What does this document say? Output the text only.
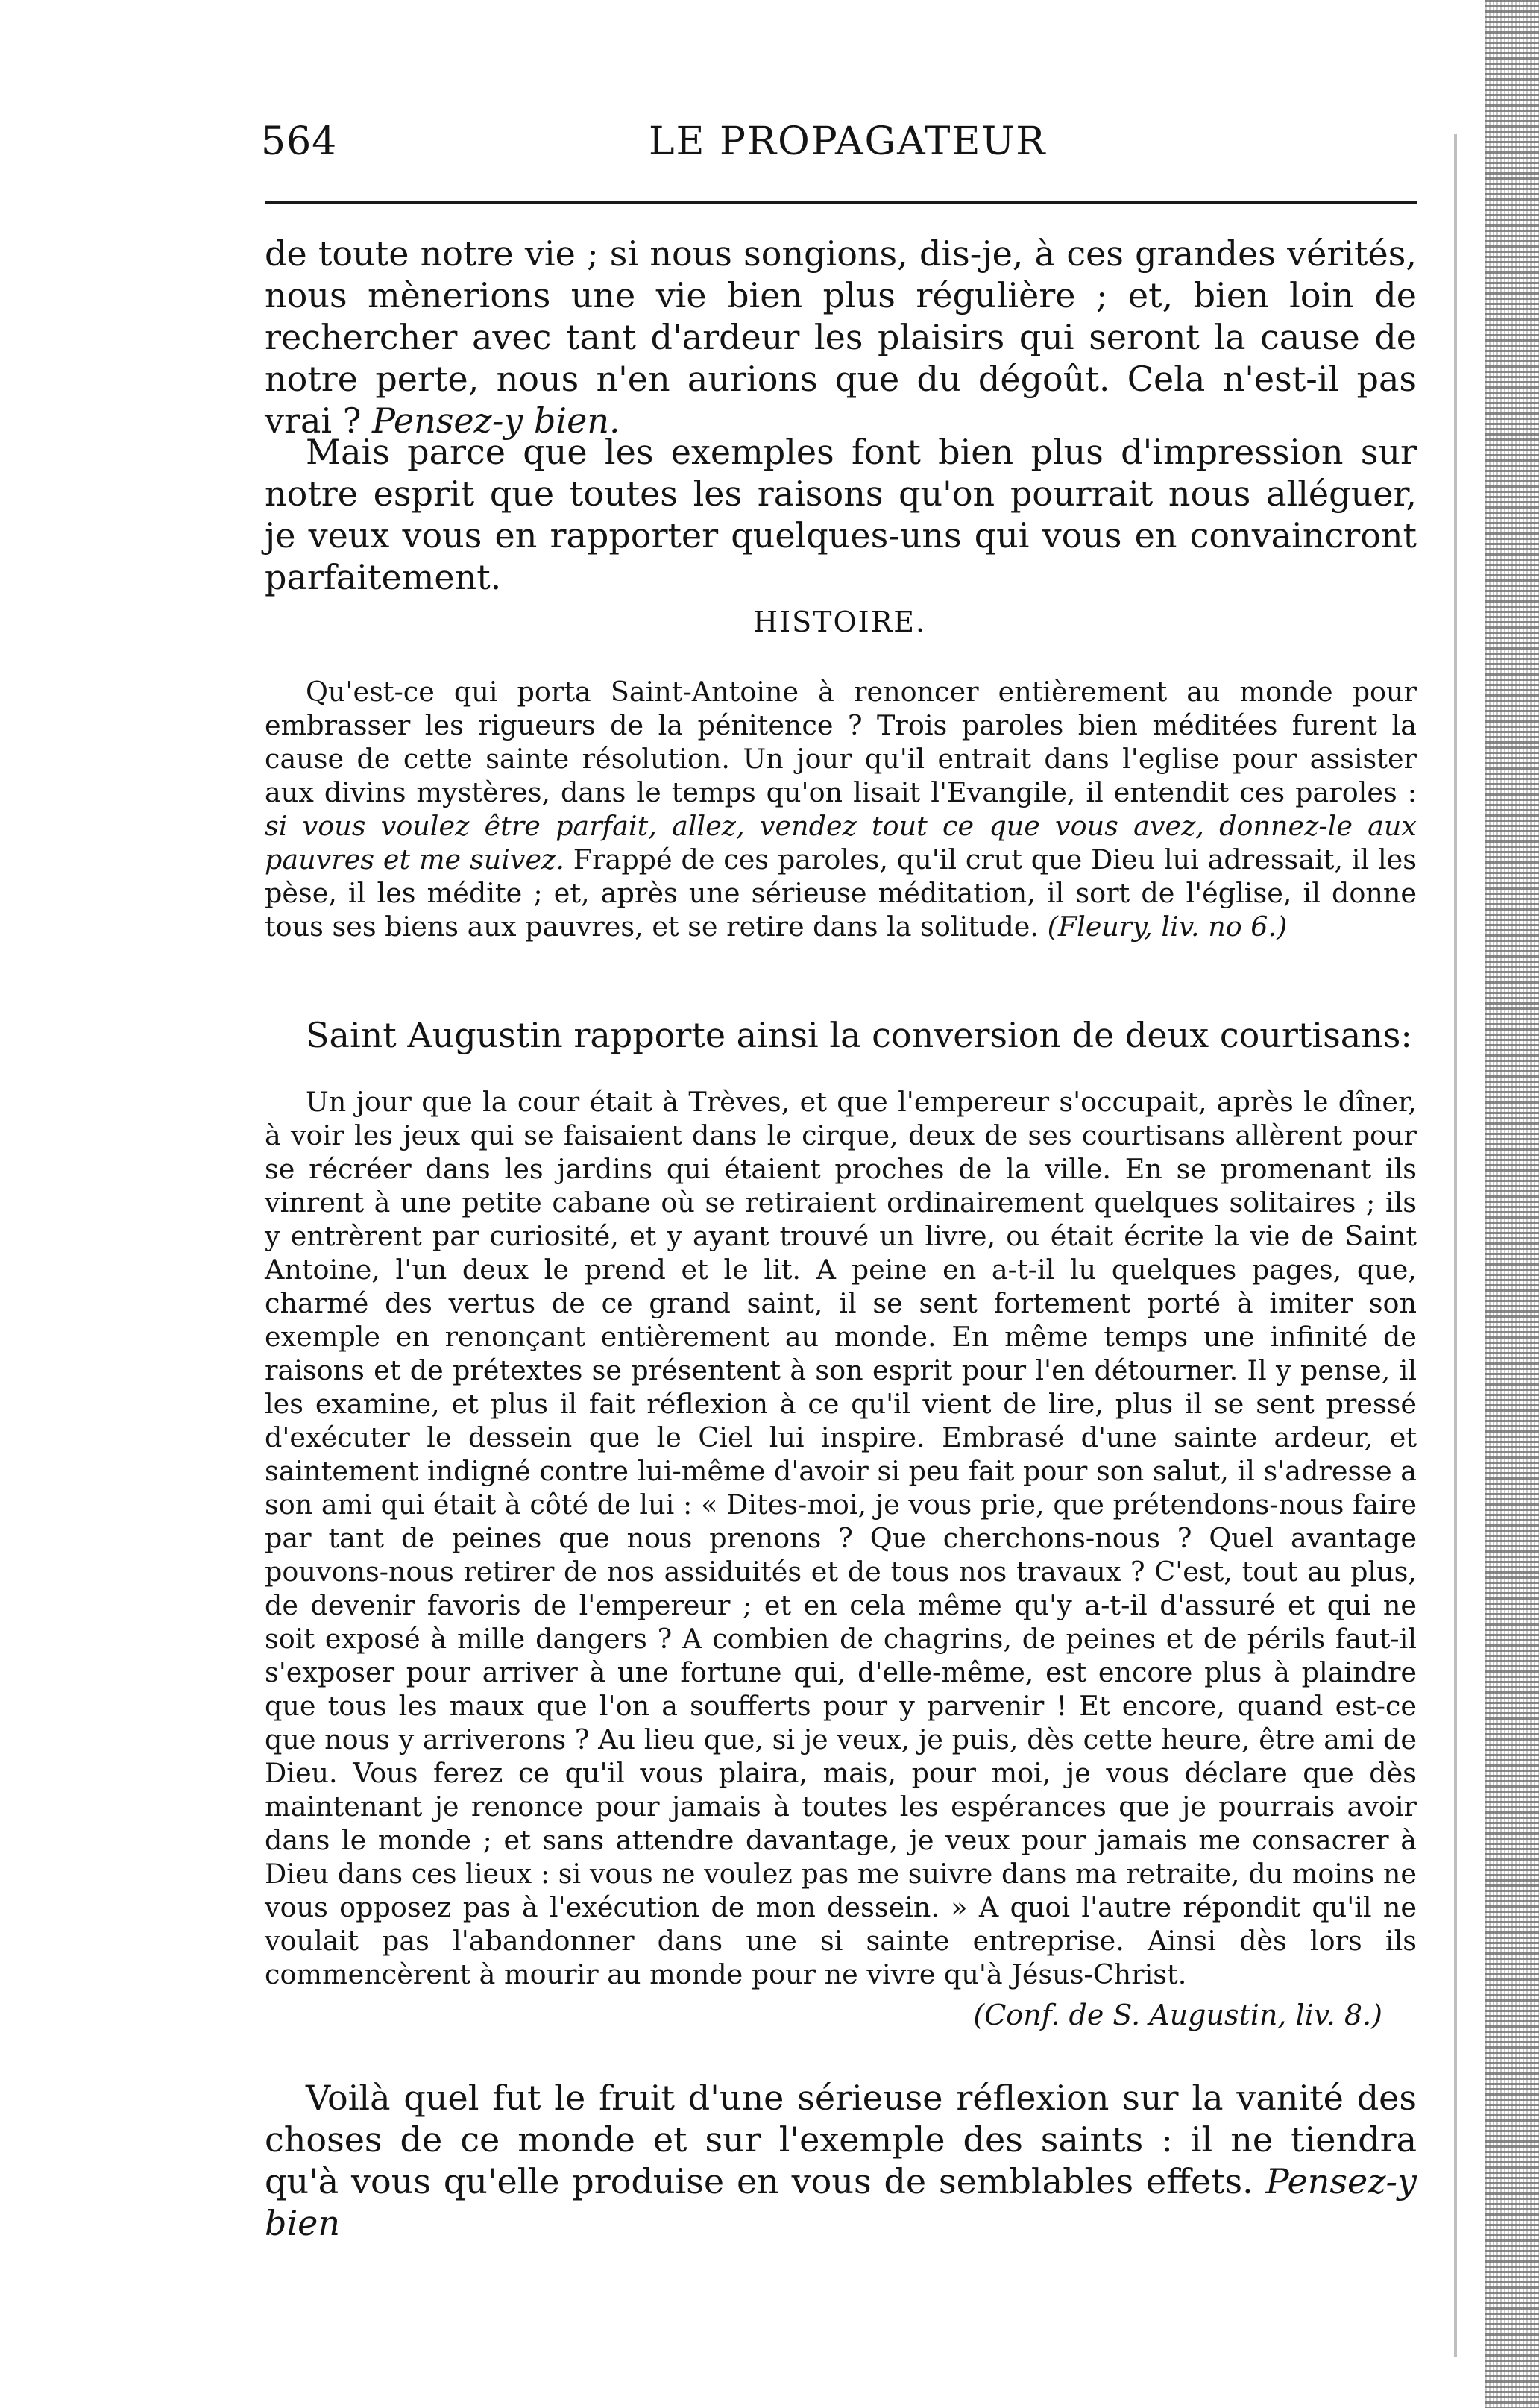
564	LE PROPAGATEUR

de toute notre vie ; si nous songions, dis-je, à ces grandes vérités, nous mènerions une vie bien plus régulière ; et, bien loin de rechercher avec tant d'ardeur les plaisirs qui seront la cause de notre perte, nous n'en aurions que du dégoût. Cela n'est-il pas vrai ? Pensez-y bien.

Mais parce que les exemples font bien plus d'impression sur notre esprit que toutes les raisons qu'on pourrait nous alléguer, je veux vous en rapporter quelques-uns qui vous en convaincront parfaitement.

HISTOIRE.

Qu'est-ce qui porta Saint-Antoine à renoncer entièrement au monde pour embrasser les rigueurs de la pénitence ? Trois paroles bien méditées furent la cause de cette sainte résolution. Un jour qu'il entrait dans l'eglise pour assister aux divins mystères, dans le temps qu'on lisait l'Evangile, il entendit ces paroles : si vous voulez être parfait, allez, vendez tout ce que vous avez, donnez-le aux pauvres et me suivez. Frappé de ces paroles, qu'il crut que Dieu lui adressait, il les pèse, il les médite ; et, après une sérieuse méditation, il sort de l'église, il donne tous ses biens aux pauvres, et se retire dans la solitude. (Fleury, liv. no 6.)

Saint Augustin rapporte ainsi la conversion de deux courtisans:

Un jour que la cour était à Trèves, et que l'empereur s'occupait, après le dîner, à voir les jeux qui se faisaient dans le cirque, deux de ses courtisans allèrent pour se récréer dans les jardins qui étaient proches de la ville. En se promenant ils vinrent à une petite cabane où se retiraient ordinairement quelques solitaires ; ils y entrèrent par curiosité, et y ayant trouvé un livre, ou était écrite la vie de Saint Antoine, l'un deux le prend et le lit. A peine en a-t-il lu quelques pages, que, charmé des vertus de ce grand saint, il se sent fortement porté à imiter son exemple en renonçant entièrement au monde. En même temps une infinité de raisons et de prétextes se présentent à son esprit pour l'en détourner. Il y pense, il les examine, et plus il fait réflexion à ce qu'il vient de lire, plus il se sent pressé d'exécuter le dessein que le Ciel lui inspire. Embrasé d'une sainte ardeur, et saintement indigné contre lui-même d'avoir si peu fait pour son salut, il s'adresse a son ami qui était à côté de lui : « Dites-moi, je vous prie, que prétendons-nous faire par tant de peines que nous prenons ? Que cherchons-nous ? Quel avantage pouvons-nous retirer de nos assiduités et de tous nos travaux ? C'est, tout au plus, de devenir favoris de l'empereur ; et en cela même qu'y a-t-il d'assuré et qui ne soit exposé à mille dangers ? A combien de chagrins, de peines et de périls faut-il s'exposer pour arriver à une fortune qui, d'elle-même, est encore plus à plaindre que tous les maux que l'on a soufferts pour y parvenir ! Et encore, quand est-ce que nous y arriverons ? Au lieu que, si je veux, je puis, dès cette heure, être ami de Dieu. Vous ferez ce qu'il vous plaira, mais, pour moi, je vous déclare que dès maintenant je renonce pour jamais à toutes les espérances que je pourrais avoir dans le monde ; et sans attendre davantage, je veux pour jamais me consacrer à Dieu dans ces lieux : si vous ne voulez pas me suivre dans ma retraite, du moins ne vous opposez pas à l'exécution de mon dessein. » A quoi l'autre répondit qu'il ne voulait pas l'abandonner dans une si sainte entreprise. Ainsi dès lors ils commencèrent à mourir au monde pour ne vivre qu'à Jésus-Christ.

(Conf. de S. Augustin, liv. 8.)

Voilà quel fut le fruit d'une sérieuse réflexion sur la vanité des choses de ce monde et sur l'exemple des saints : il ne tiendra qu'à vous qu'elle produise en vous de semblables effets. Pensez-y bien
